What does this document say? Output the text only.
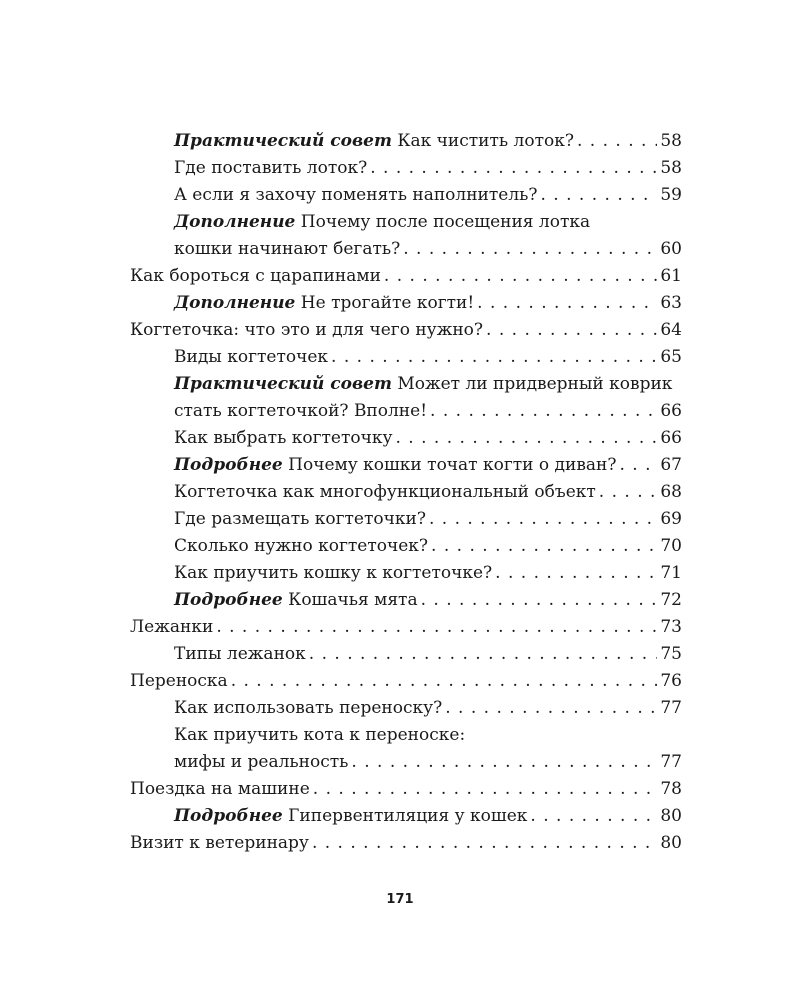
Практический совет Как чистить лоток? . . .	58
Где поставить лоток? . . .	58
А если я захочу поменять наполнитель? . . .	59
Дополнение Почему после посещения лотка
кошки начинают бегать? . . .	60
Как бороться с царапинами . . .	61
Дополнение Не трогайте когти! . . .	63
Когтеточка: что это и для чего нужно? . . .	64
Виды когтеточек . . .	65
Практический совет Может ли придверный коврик
стать когтеточкой? Вполне! . . .	66
Как выбрать когтеточку . . .	66
Подробнее Почему кошки точат когти о диван? . . .	67
Когтеточка как многофункциональный объект . . .	68
Где размещать когтеточки? . . .	69
Сколько нужно когтеточек? . . .	70
Как приучить кошку к когтеточке? . . .	71
Подробнее Кошачья мята . . .	72
Лежанки . . .	73
Типы лежанок . . .	75
Переноска . . .	76
Как использовать переноску? . . .	77
Как приучить кота к переноске:
мифы и реальность . . .	77
Поездка на машине . . .	78
Подробнее Гипервентиляция у кошек . . .	80
Визит к ветеринару . . .	80
171
